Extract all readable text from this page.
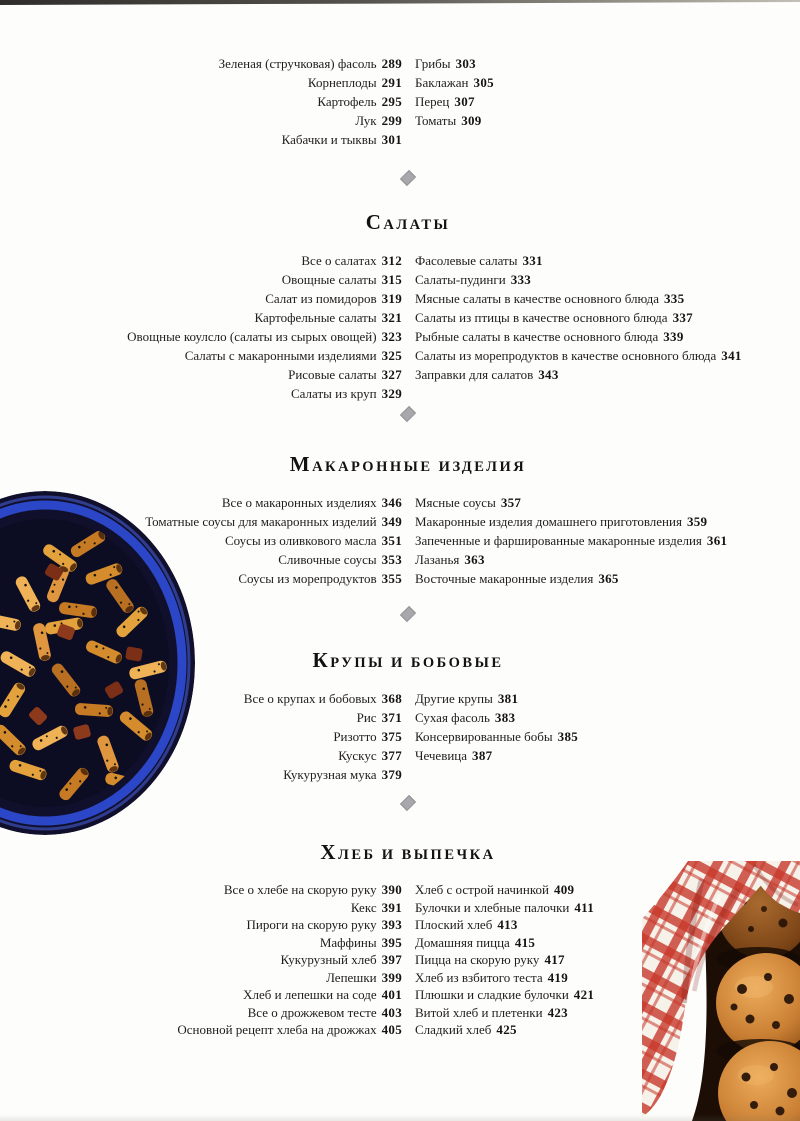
Зеленая (стручковая) фасоль 289
Корнеплоды 291
Картофель 295
Лук 299
Кабачки и тыквы 301
Грибы 303
Баклажан 305
Перец 307
Томаты 309
САЛАТЫ
Все о салатах 312
Овощные салаты 315
Салат из помидоров 319
Картофельные салаты 321
Овощные коулсло (салаты из сырых овощей) 323
Салаты с макаронными изделиями 325
Рисовые салаты 327
Салаты из круп 329
Фасолевые салаты 331
Салаты-пудинги 333
Мясные салаты в качестве основного блюда 335
Салаты из птицы в качестве основного блюда 337
Рыбные салаты в качестве основного блюда 339
Салаты из морепродуктов в качестве основного блюда 341
Заправки для салатов 343
МАКАРОННЫЕ ИЗДЕЛИЯ
Все о макаронных изделиях 346
Томатные соусы для макаронных изделий 349
Соусы из оливкового масла 351
Сливочные соусы 353
Соусы из морепродуктов 355
Мясные соусы 357
Макаронные изделия домашнего приготовления 359
Запеченные и фаршированные макаронные изделия 361
Лазанья 363
Восточные макаронные изделия 365
КРУПЫ И БОБОВЫЕ
Все о крупах и бобовых 368
Рис 371
Ризотто 375
Кускус 377
Кукурузная мука 379
Другие крупы 381
Сухая фасоль 383
Консервированные бобы 385
Чечевица 387
ХЛЕБ И ВЫПЕЧКА
Все о хлебе на скорую руку 390
Кекс 391
Пироги на скорую руку 393
Маффины 395
Кукурузный хлеб 397
Лепешки 399
Хлеб и лепешки на соде 401
Все о дрожжевом тесте 403
Основной рецепт хлеба на дрожжах 405
Хлеб с острой начинкой 409
Булочки и хлебные палочки 411
Плоский хлеб 413
Домашняя пицца 415
Пицца на скорую руку 417
Хлеб из взбитого теста 419
Плюшки и сладкие булочки 421
Витой хлеб и плетенки 423
Сладкий хлеб 425
